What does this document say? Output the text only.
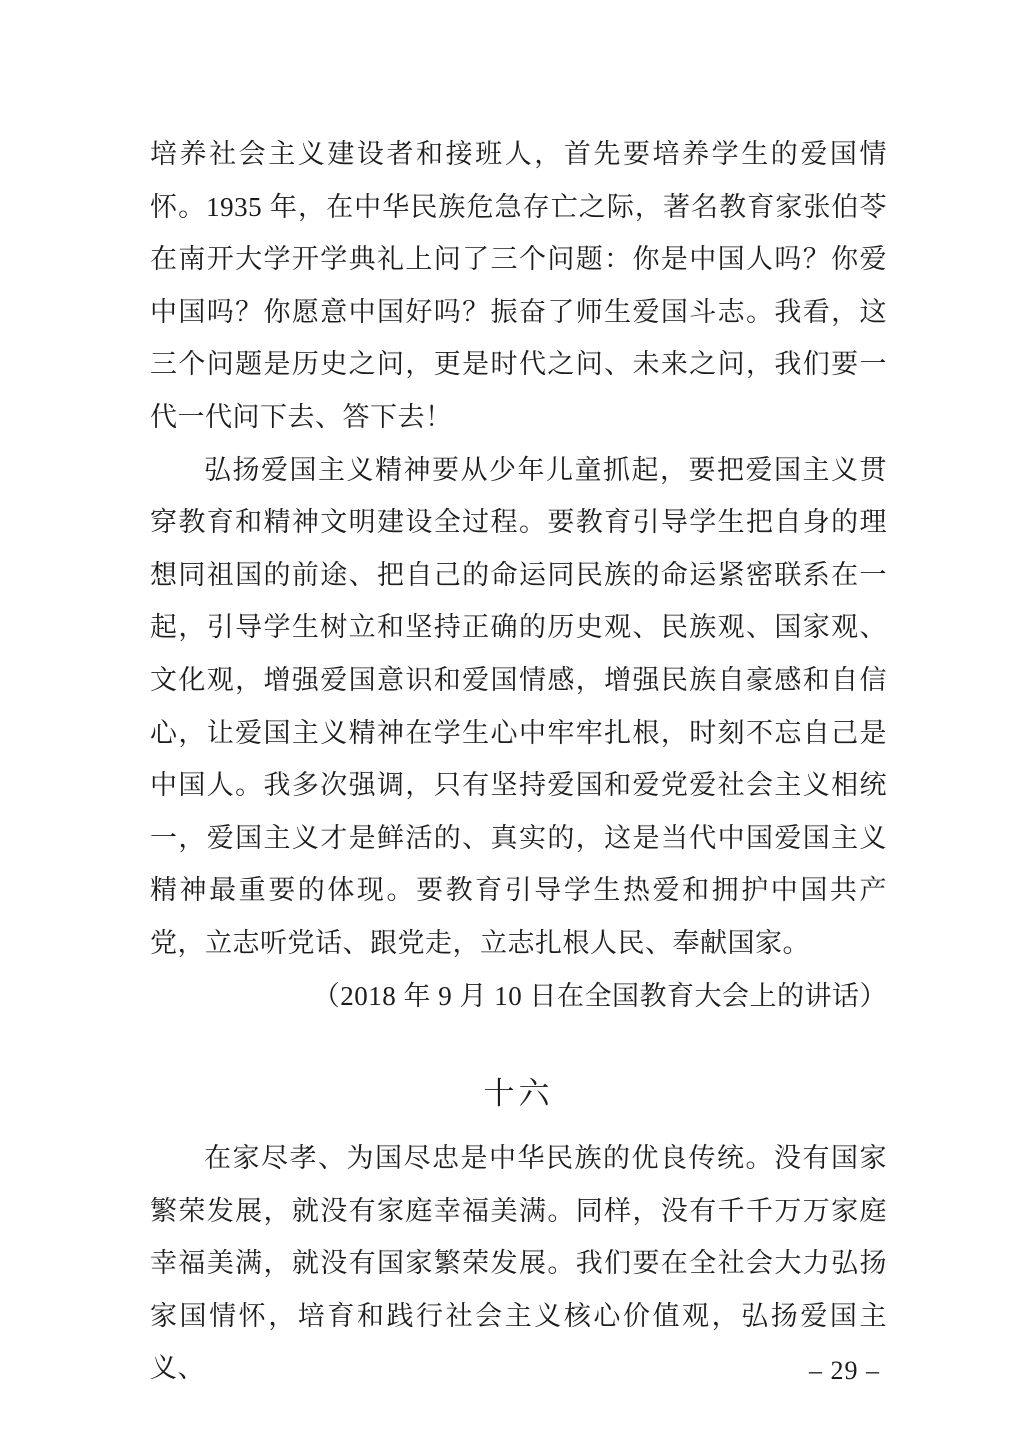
培养社会主义建设者和接班人，首先要培养学生的爱国情怀。1935 年，在中华民族危急存亡之际，著名教育家张伯苓在南开大学开学典礼上问了三个问题：你是中国人吗？你爱中国吗？你愿意中国好吗？振奋了师生爱国斗志。我看，这三个问题是历史之问，更是时代之问、未来之问，我们要一代一代问下去、答下去！

弘扬爱国主义精神要从少年儿童抓起，要把爱国主义贯穿教育和精神文明建设全过程。要教育引导学生把自身的理想同祖国的前途、把自己的命运同民族的命运紧密联系在一起，引导学生树立和坚持正确的历史观、民族观、国家观、文化观，增强爱国意识和爱国情感，增强民族自豪感和自信心，让爱国主义精神在学生心中牢牢扎根，时刻不忘自己是中国人。我多次强调，只有坚持爱国和爱党爱社会主义相统一，爱国主义才是鲜活的、真实的，这是当代中国爱国主义精神最重要的体现。要教育引导学生热爱和拥护中国共产党，立志听党话、跟党走，立志扎根人民、奉献国家。

（2018 年 9 月 10 日在全国教育大会上的讲话）

十六

在家尽孝、为国尽忠是中华民族的优良传统。没有国家繁荣发展，就没有家庭幸福美满。同样，没有千千万万家庭幸福美满，就没有国家繁荣发展。我们要在全社会大力弘扬家国情怀，培育和践行社会主义核心价值观，弘扬爱国主义、	– 29 –
